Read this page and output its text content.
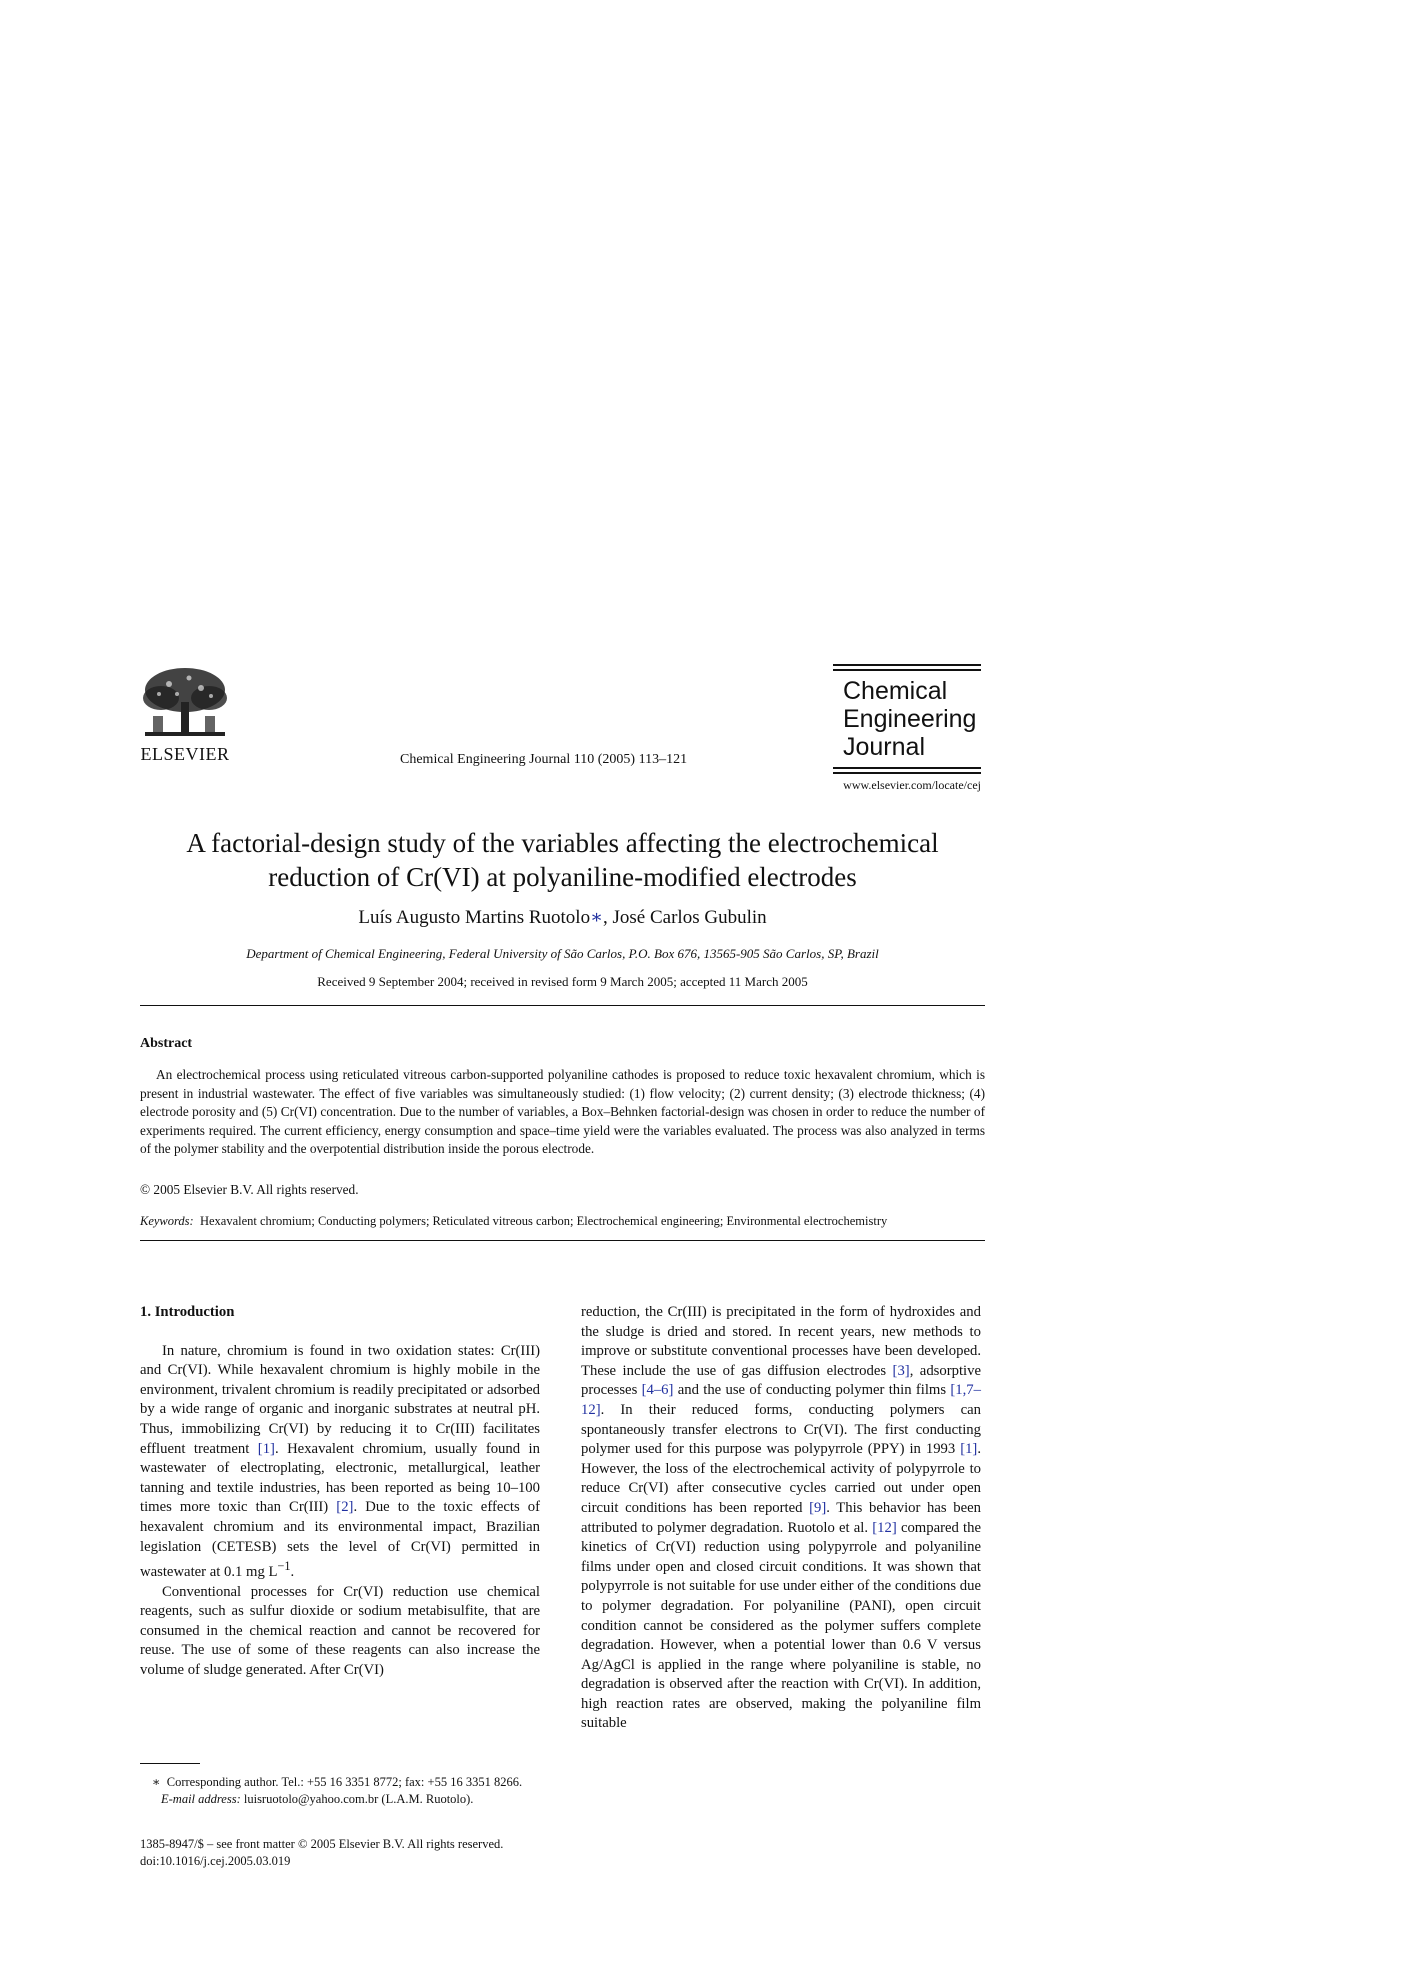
ELSEVIER	Chemical Engineering Journal 110 (2005) 113–121
Chemical
Engineering
Journal
www.elsevier.com/locate/cej
A factorial-design study of the variables affecting the electrochemical
reduction of Cr(VI) at polyaniline-modified electrodes
Luís Augusto Martins Ruotolo∗, José Carlos Gubulin
Department of Chemical Engineering, Federal University of São Carlos, P.O. Box 676, 13565-905 São Carlos, SP, Brazil
Received 9 September 2004; received in revised form 9 March 2005; accepted 11 March 2005
Abstract
An electrochemical process using reticulated vitreous carbon-supported polyaniline cathodes is proposed to reduce toxic hexavalent chromium, which is present in industrial wastewater. The effect of five variables was simultaneously studied: (1) flow velocity; (2) current density; (3) electrode thickness; (4) electrode porosity and (5) Cr(VI) concentration. Due to the number of variables, a Box–Behnken factorial-design was chosen in order to reduce the number of experiments required. The current efficiency, energy consumption and space–time yield were the variables evaluated. The process was also analyzed in terms of the polymer stability and the overpotential distribution inside the porous electrode.
© 2005 Elsevier B.V. All rights reserved.
Keywords: Hexavalent chromium; Conducting polymers; Reticulated vitreous carbon; Electrochemical engineering; Environmental electrochemistry
1. Introduction

In nature, chromium is found in two oxidation states: Cr(III) and Cr(VI). While hexavalent chromium is highly mobile in the environment, trivalent chromium is readily precipitated or adsorbed by a wide range of organic and inorganic substrates at neutral pH. Thus, immobilizing Cr(VI) by reducing it to Cr(III) facilitates effluent treatment [1]. Hexavalent chromium, usually found in wastewater of electroplating, electronic, metallurgical, leather tanning and textile industries, has been reported as being 10–100 times more toxic than Cr(III) [2]. Due to the toxic effects of hexavalent chromium and its environmental impact, Brazilian legislation (CETESB) sets the level of Cr(VI) permitted in wastewater at 0.1 mg $L^{-1}$.

Conventional processes for Cr(VI) reduction use chemical reagents, such as sulfur dioxide or sodium metabisulfite, that are consumed in the chemical reaction and cannot be recovered for reuse. The use of some of these reagents can also increase the volume of sludge generated. After Cr(VI)

reduction, the Cr(III) is precipitated in the form of hydroxides and the sludge is dried and stored. In recent years, new methods to improve or substitute conventional processes have been developed. These include the use of gas diffusion electrodes [3], adsorptive processes [4–6] and the use of conducting polymer thin films [1,7–12]. In their reduced forms, conducting polymers can spontaneously transfer electrons to Cr(VI). The first conducting polymer used for this purpose was polypyrrole (PPY) in 1993 [1]. However, the loss of the electrochemical activity of polypyrrole to reduce Cr(VI) after consecutive cycles carried out under open circuit conditions has been reported [9]. This behavior has been attributed to polymer degradation. Ruotolo et al. [12] compared the kinetics of Cr(VI) reduction using polypyrrole and polyaniline films under open and closed circuit conditions. It was shown that polypyrrole is not suitable for use under either of the conditions due to polymer degradation. For polyaniline (PANI), open circuit condition cannot be considered as the polymer suffers complete degradation. However, when a potential lower than 0.6 V versus Ag/AgCl is applied in the range where polyaniline is stable, no degradation is observed after the reaction with Cr(VI). In addition, high reaction rates are observed, making the polyaniline film suitable

∗ Corresponding author. Tel.: +55 16 3351 8772; fax: +55 16 3351 8266.
E-mail address: luisruotolo@yahoo.com.br (L.A.M. Ruotolo).
1385-8947/$ – see front matter © 2005 Elsevier B.V. All rights reserved.
doi:10.1016/j.cej.2005.03.019
